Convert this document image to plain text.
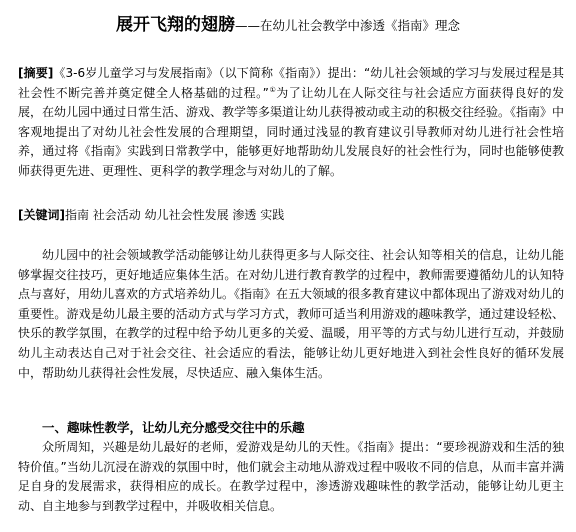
展开飞翔的翅膀——在幼儿社会教学中渗透《指南》理念
[摘要]《3-6岁儿童学习与发展指南》（以下简称《指南》）提出：“幼儿社会领域的学习与发展过程是其社会性不断完善并奠定健全人格基础的过程。”①为了让幼儿在人际交往与社会适应方面获得良好的发展，在幼儿园中通过日常生活、游戏、教学等多渠道让幼儿获得被动或主动的积极交往经验。《指南》中客观地提出了对幼儿社会性发展的合理期望，同时通过浅显的教育建议引导教师对幼儿进行社会性培养，通过将《指南》实践到日常教学中，能够更好地帮助幼儿发展良好的社会性行为，同时也能够使教师获得更先进、更理性、更科学的教学理念与对幼儿的了解。
[关键词]指南 社会活动 幼儿社会性发展 渗透 实践
幼儿园中的社会领域教学活动能够让幼儿获得更多与人际交往、社会认知等相关的信息，让幼儿能够掌握交往技巧，更好地适应集体生活。在对幼儿进行教育教学的过程中，教师需要遵循幼儿的认知特点与喜好，用幼儿喜欢的方式培养幼儿。《指南》在五大领域的很多教育建议中都体现出了游戏对幼儿的重要性。游戏是幼儿最主要的活动方式与学习方式，教师可适当利用游戏的趣味教学，通过建设轻松、快乐的教学氛围，在教学的过程中给予幼儿更多的关爱、温暖，用平等的方式与幼儿进行互动，并鼓励幼儿主动表达自己对于社会交往、社会适应的看法，能够让幼儿更好地进入到社会性良好的循环发展中，帮助幼儿获得社会性发展，尽快适应、融入集体生活。
一、趣味性教学，让幼儿充分感受交往中的乐趣
众所周知，兴趣是幼儿最好的老师，爱游戏是幼儿的天性。《指南》提出：“要珍视游戏和生活的独特价值。”当幼儿沉浸在游戏的氛围中时，他们就会主动地从游戏过程中吸收不同的信息，从而丰富并满足自身的发展需求，获得相应的成长。在教学过程中，渗透游戏趣味性的教学活动，能够让幼儿更主动、自主地参与到教学过程中，并吸收相关信息。
